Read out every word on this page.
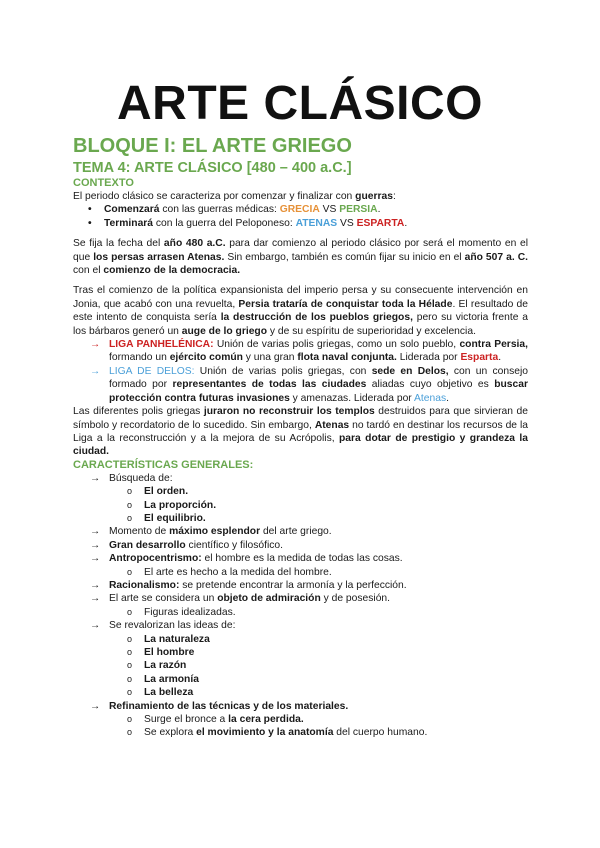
ARTE CLÁSICO
BLOQUE I: EL ARTE GRIEGO
TEMA 4: ARTE CLÁSICO [480 – 400 a.C.]
CONTEXTO

El periodo clásico se caracteriza por comenzar y finalizar con guerras:

• Comenzará con las guerras médicas: GRECIA VS PERSIA.
• Terminará con la guerra del Peloponeso: ATENAS VS ESPARTA.

Se fija la fecha del año 480 a.C. para dar comienzo al periodo clásico por será el momento en el que los persas arrasen Atenas. Sin embargo, también es común fijar su inicio en el año 507 a. C. con el comienzo de la democracia.

Tras el comienzo de la política expansionista del imperio persa y su consecuente intervención en Jonia, que acabó con una revuelta, Persia trataría de conquistar toda la Hélade. El resultado de este intento de conquista sería la destrucción de los pueblos griegos, pero su victoria frente a los bárbaros generó un auge de lo griego y de su espíritu de superioridad y excelencia.

→ LIGA PANHELÉNICA: Unión de varias polis griegas, como un solo pueblo, contra Persia, formando un ejército común y una gran flota naval conjunta. Liderada por Esparta.
→ LIGA DE DELOS: Unión de varias polis griegas, con sede en Delos, con un consejo formado por representantes de todas las ciudades aliadas cuyo objetivo es buscar protección contra futuras invasiones y amenazas. Liderada por Atenas.

Las diferentes polis griegas juraron no reconstruir los templos destruidos para que sirvieran de símbolo y recordatorio de lo sucedido. Sin embargo, Atenas no tardó en destinar los recursos de la Liga a la reconstrucción y a la mejora de su Acrópolis, para dotar de prestigio y grandeza la ciudad.

CARACTERÍSTICAS GENERALES:
→ Búsqueda de:
o El orden.
o La proporción.
o El equilibrio.
→ Momento de máximo esplendor del arte griego.
→ Gran desarrollo científico y filosófico.
→ Antropocentrismo: el hombre es la medida de todas las cosas.
o El arte es hecho a la medida del hombre.
→ Racionalismo: se pretende encontrar la armonía y la perfección.
→ El arte se considera un objeto de admiración y de posesión.
o Figuras idealizadas.
→ Se revalorizan las ideas de:
o La naturaleza
o El hombre
o La razón
o La armonía
o La belleza
→ Refinamiento de las técnicas y de los materiales.
o Surge el bronce a la cera perdida.
o Se explora el movimiento y la anatomía del cuerpo humano.
